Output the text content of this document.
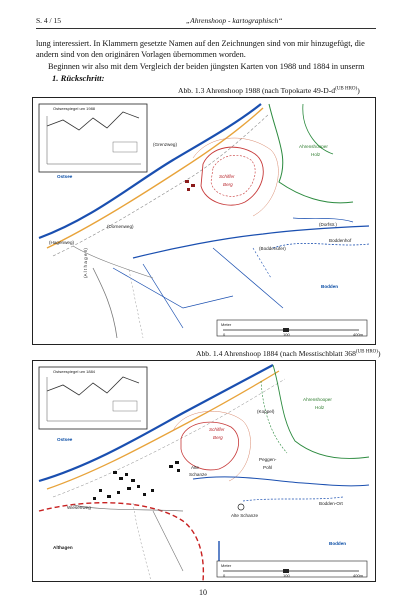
S. 4 / 15	„Ahrenshoop - kartographisch“
lung interessiert. In Klammern gesetzte Namen auf den Zeichnungen sind von mir hinzugefügt, die andern sind von den originären Vorlagen übernommen worden.
Beginnen wir also mit dem Vergleich der beiden jüngsten Karten von 1988 und 1884 in unserm
1. Rückschritt:
Abb. 1.3 Ahrenshoop 1988 (nach Topokarte $49-D-d^{(UB HRO)}$)
Ostsee
(Grenzweg)
(Dornenweg)
Schiffer
Berg
Ahrenshooper
Holz
Bodden
Boddenhof
(Dorfstr.)
(A l t h a g e n)	(Boddenufer)
(Hagenweg)
Ostseespiegel um 1988
Meter
0	100	400m
Abb. 1.4 Ahrenshoop 1884 (nach Messtischblatt $368^{(UB HRO)}$)
Ostsee
Schiffer
Berg
(Koppel)
Ahrenshooper
Holz
Peggen-
Pohl
Alte
Schanze
Alte Schanze
Bodden-Ort
Bodden
Althagen
Wiesenweg
Ostseespiegel um 1884
Meter
0	100	400m
10
